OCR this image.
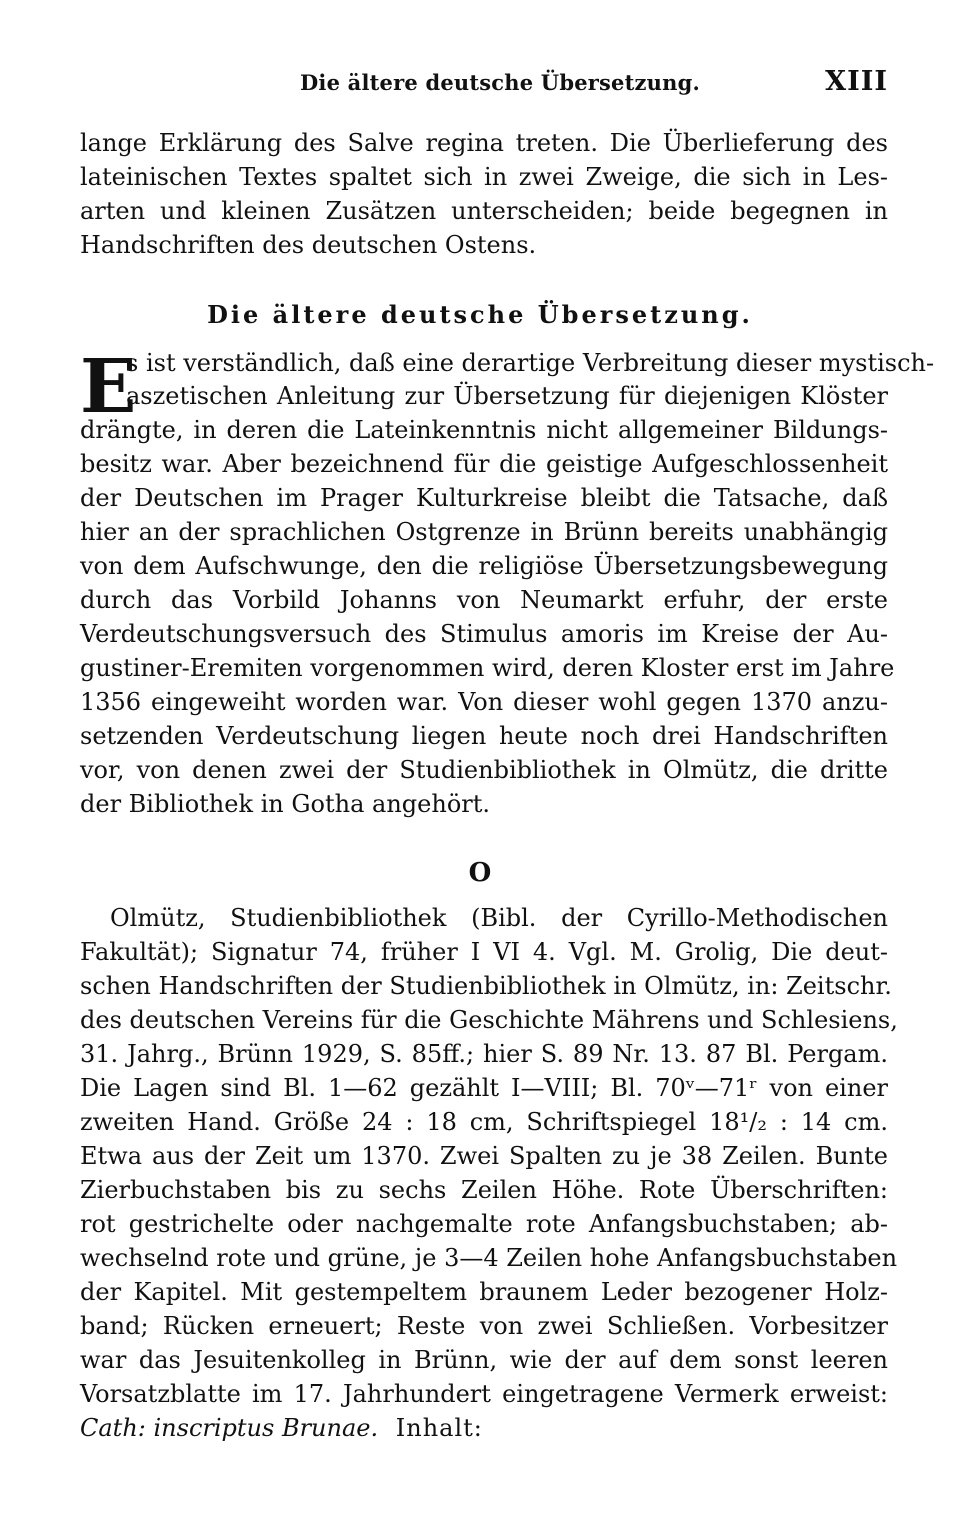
Die ältere deutsche Übersetzung.	XIII
lange Erklärung des Salve regina treten. Die Überlieferung des
lateinischen Textes spaltet sich in zwei Zweige, die sich in Les-
arten und kleinen Zusätzen unterscheiden; beide begegnen in
Handschriften des deutschen Ostens.
Die ältere deutsche Übersetzung.
E
s ist verständlich, daß eine derartige Verbreitung dieser mystisch-
aszetischen Anleitung zur Übersetzung für diejenigen Klöster
drängte, in deren die Lateinkenntnis nicht allgemeiner Bildungs-
besitz war. Aber bezeichnend für die geistige Aufgeschlossenheit
der Deutschen im Prager Kulturkreise bleibt die Tatsache, daß
hier an der sprachlichen Ostgrenze in Brünn bereits unabhängig
von dem Aufschwunge, den die religiöse Übersetzungsbewegung
durch das Vorbild Johanns von Neumarkt erfuhr, der erste
Verdeutschungsversuch des Stimulus amoris im Kreise der Au-
gustiner-Eremiten vorgenommen wird, deren Kloster erst im Jahre
1356 eingeweiht worden war. Von dieser wohl gegen 1370 anzu-
setzenden Verdeutschung liegen heute noch drei Handschriften
vor, von denen zwei der Studienbibliothek in Olmütz, die dritte
der Bibliothek in Gotha angehört.
O
Olmütz, Studienbibliothek (Bibl. der Cyrillo-Methodischen
Fakultät); Signatur 74, früher I VI 4. Vgl. M. Grolig, Die deut-
schen Handschriften der Studienbibliothek in Olmütz, in: Zeitschr.
des deutschen Vereins für die Geschichte Mährens und Schlesiens,
31. Jahrg., Brünn 1929, S. 85ff.; hier S. 89 Nr. 13. 87 Bl. Pergam.
Die Lagen sind Bl. 1—62 gezählt I—VIII; Bl. 70ᵛ—71ʳ von einer
zweiten Hand. Größe 24 : 18 cm, Schriftspiegel 18¹/₂ : 14 cm.
Etwa aus der Zeit um 1370. Zwei Spalten zu je 38 Zeilen. Bunte
Zierbuchstaben bis zu sechs Zeilen Höhe. Rote Überschriften:
rot gestrichelte oder nachgemalte rote Anfangsbuchstaben; ab-
wechselnd rote und grüne, je 3—4 Zeilen hohe Anfangsbuchstaben
der Kapitel. Mit gestempeltem braunem Leder bezogener Holz-
band; Rücken erneuert; Reste von zwei Schließen. Vorbesitzer
war das Jesuitenkolleg in Brünn, wie der auf dem sonst leeren
Vorsatzblatte im 17. Jahrhundert eingetragene Vermerk erweist:
Cath: inscriptus Brunae. Inhalt:
